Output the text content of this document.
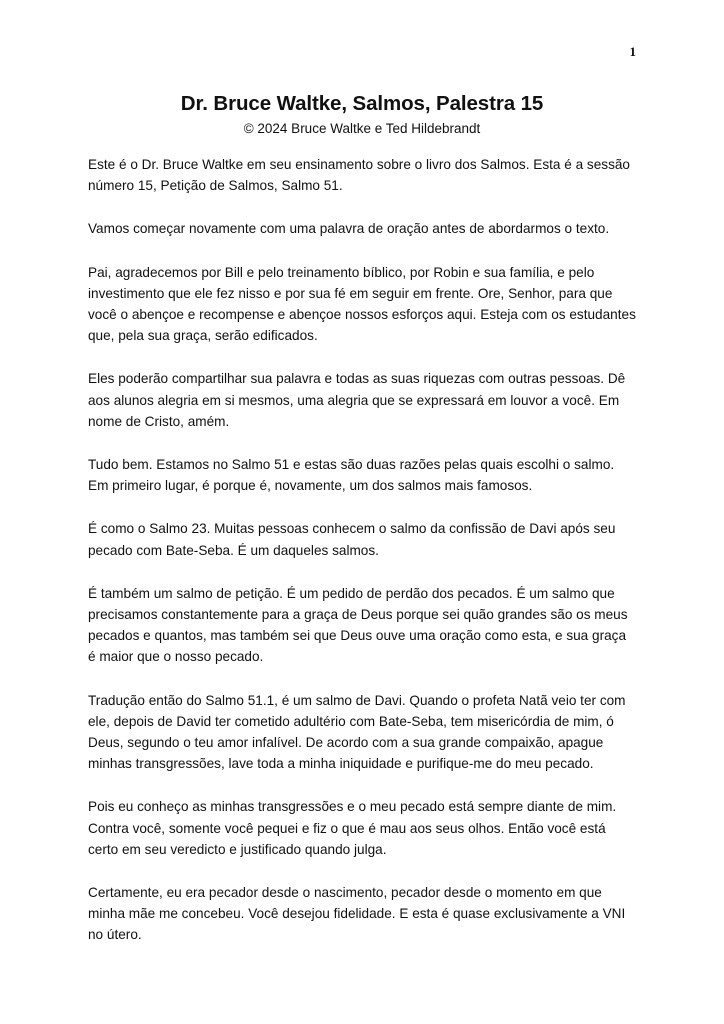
1
Dr. Bruce Waltke, Salmos, Palestra 15
© 2024 Bruce Waltke e Ted Hildebrandt

Este é o Dr. Bruce Waltke em seu ensinamento sobre o livro dos Salmos. Esta é a sessão número 15, Petição de Salmos, Salmo 51.

Vamos começar novamente com uma palavra de oração antes de abordarmos o texto.

Pai, agradecemos por Bill e pelo treinamento bíblico, por Robin e sua família, e pelo investimento que ele fez nisso e por sua fé em seguir em frente. Ore, Senhor, para que você o abençoe e recompense e abençoe nossos esforços aqui. Esteja com os estudantes que, pela sua graça, serão edificados.

Eles poderão compartilhar sua palavra e todas as suas riquezas com outras pessoas. Dê aos alunos alegria em si mesmos, uma alegria que se expressará em louvor a você. Em nome de Cristo, amém.

Tudo bem. Estamos no Salmo 51 e estas são duas razões pelas quais escolhi o salmo. Em primeiro lugar, é porque é, novamente, um dos salmos mais famosos.

É como o Salmo 23. Muitas pessoas conhecem o salmo da confissão de Davi após seu pecado com Bate-Seba. É um daqueles salmos.

É também um salmo de petição. É um pedido de perdão dos pecados. É um salmo que precisamos constantemente para a graça de Deus porque sei quão grandes são os meus pecados e quantos, mas também sei que Deus ouve uma oração como esta, e sua graça é maior que o nosso pecado.

Tradução então do Salmo 51.1, é um salmo de Davi. Quando o profeta Natã veio ter com ele, depois de David ter cometido adultério com Bate-Seba, tem misericórdia de mim, ó Deus, segundo o teu amor infalível. De acordo com a sua grande compaixão, apague minhas transgressões, lave toda a minha iniquidade e purifique-me do meu pecado.

Pois eu conheço as minhas transgressões e o meu pecado está sempre diante de mim. Contra você, somente você pequei e fiz o que é mau aos seus olhos. Então você está certo em seu veredicto e justificado quando julga.

Certamente, eu era pecador desde o nascimento, pecador desde o momento em que minha mãe me concebeu. Você desejou fidelidade. E esta é quase exclusivamente a VNI no útero.
